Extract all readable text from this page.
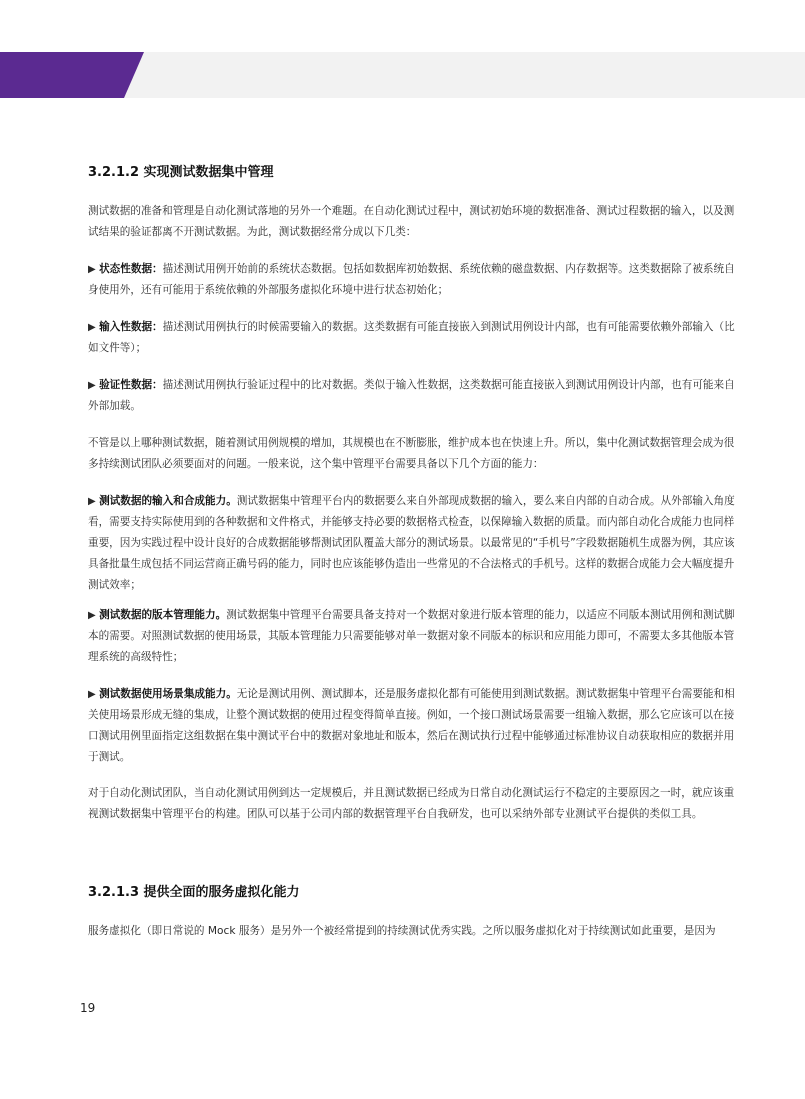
3.2.1.2 实现测试数据集中管理

测试数据的准备和管理是自动化测试落地的另外一个难题。在自动化测试过程中，测试初始环境的数据准备、测试过程数据的输入，以及测试结果的验证都离不开测试数据。为此，测试数据经常分成以下几类：

▶ 状态性数据：描述测试用例开始前的系统状态数据。包括如数据库初始数据、系统依赖的磁盘数据、内存数据等。这类数据除了被系统自身使用外，还有可能用于系统依赖的外部服务虚拟化环境中进行状态初始化；

▶ 输入性数据：描述测试用例执行的时候需要输入的数据。这类数据有可能直接嵌入到测试用例设计内部，也有可能需要依赖外部输入（比如文件等）；

▶ 验证性数据：描述测试用例执行验证过程中的比对数据。类似于输入性数据，这类数据可能直接嵌入到测试用例设计内部，也有可能来自外部加载。

不管是以上哪种测试数据，随着测试用例规模的增加，其规模也在不断膨胀，维护成本也在快速上升。所以，集中化测试数据管理会成为很多持续测试团队必须要面对的问题。一般来说，这个集中管理平台需要具备以下几个方面的能力：

▶ 测试数据的输入和合成能力。测试数据集中管理平台内的数据要么来自外部现成数据的输入，要么来自内部的自动合成。从外部输入角度看，需要支持实际使用到的各种数据和文件格式，并能够支持必要的数据格式检查，以保障输入数据的质量。而内部自动化合成能力也同样重要，因为实践过程中设计良好的合成数据能够帮测试团队覆盖大部分的测试场景。以最常见的“手机号”字段数据随机生成器为例，其应该具备批量生成包括不同运营商正确号码的能力，同时也应该能够伪造出一些常见的不合法格式的手机号。这样的数据合成能力会大幅度提升测试效率；

▶ 测试数据的版本管理能力。测试数据集中管理平台需要具备支持对一个数据对象进行版本管理的能力，以适应不同版本测试用例和测试脚本的需要。对照测试数据的使用场景，其版本管理能力只需要能够对单一数据对象不同版本的标识和应用能力即可，不需要太多其他版本管理系统的高级特性；

▶ 测试数据使用场景集成能力。无论是测试用例、测试脚本，还是服务虚拟化都有可能使用到测试数据。测试数据集中管理平台需要能和相关使用场景形成无缝的集成，让整个测试数据的使用过程变得简单直接。例如，一个接口测试场景需要一组输入数据，那么它应该可以在接口测试用例里面指定这组数据在集中测试平台中的数据对象地址和版本，然后在测试执行过程中能够通过标准协议自动获取相应的数据并用于测试。

对于自动化测试团队，当自动化测试用例到达一定规模后，并且测试数据已经成为日常自动化测试运行不稳定的主要原因之一时，就应该重视测试数据集中管理平台的构建。团队可以基于公司内部的数据管理平台自我研发，也可以采纳外部专业测试平台提供的类似工具。

3.2.1.3 提供全面的服务虚拟化能力

服务虚拟化（即日常说的 Mock 服务）是另外一个被经常提到的持续测试优秀实践。之所以服务虚拟化对于持续测试如此重要，是因为

19
